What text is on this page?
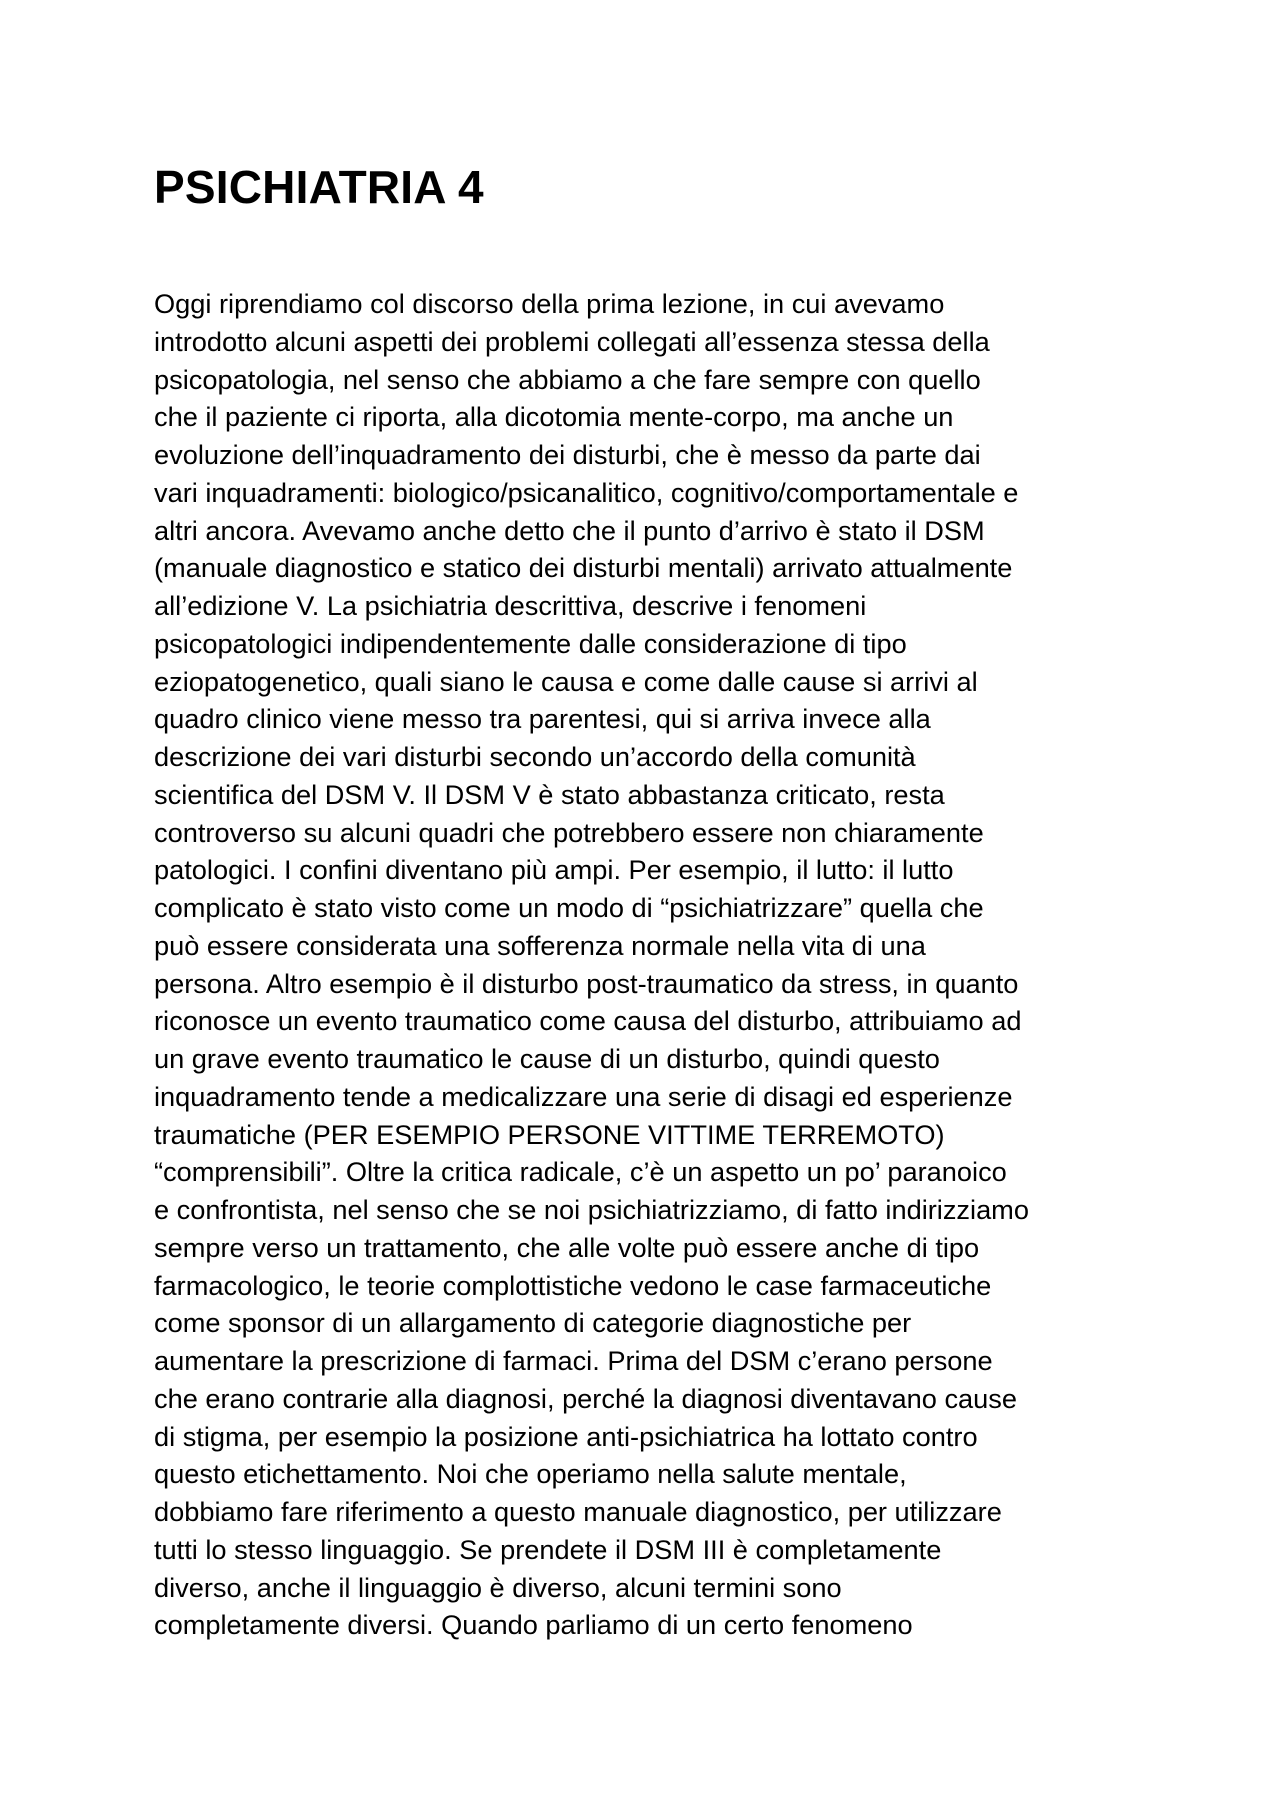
PSICHIATRIA 4
Oggi riprendiamo col discorso della prima lezione, in cui avevamo
introdotto alcuni aspetti dei problemi collegati all’essenza stessa della
psicopatologia, nel senso che abbiamo a che fare sempre con quello
che il paziente ci riporta, alla dicotomia mente-corpo, ma anche un
evoluzione dell’inquadramento dei disturbi, che è messo da parte dai
vari inquadramenti: biologico/psicanalitico, cognitivo/comportamentale e
altri ancora. Avevamo anche detto che il punto d’arrivo è stato il DSM
(manuale diagnostico e statico dei disturbi mentali) arrivato attualmente
all’edizione V. La psichiatria descrittiva, descrive i fenomeni
psicopatologici indipendentemente dalle considerazione di tipo
eziopatogenetico, quali siano le causa e come dalle cause si arrivi al
quadro clinico viene messo tra parentesi, qui si arriva invece alla
descrizione dei vari disturbi secondo un’accordo della comunità
scientifica del DSM V. Il DSM V è stato abbastanza criticato, resta
controverso su alcuni quadri che potrebbero essere non chiaramente
patologici. I confini diventano più ampi. Per esempio, il lutto: il lutto
complicato è stato visto come un modo di “psichiatrizzare” quella che
può essere considerata una sofferenza normale nella vita di una
persona. Altro esempio è il disturbo post-traumatico da stress, in quanto
riconosce un evento traumatico come causa del disturbo, attribuiamo ad
un grave evento traumatico le cause di un disturbo, quindi questo
inquadramento tende a medicalizzare una serie di disagi ed esperienze
traumatiche (PER ESEMPIO PERSONE VITTIME TERREMOTO)
“comprensibili”. Oltre la critica radicale, c’è un aspetto un po’ paranoico
e confrontista, nel senso che se noi psichiatrizziamo, di fatto indirizziamo
sempre verso un trattamento, che alle volte può essere anche di tipo
farmacologico, le teorie complottistiche vedono le case farmaceutiche
come sponsor di un allargamento di categorie diagnostiche per
aumentare la prescrizione di farmaci. Prima del DSM c’erano persone
che erano contrarie alla diagnosi, perché la diagnosi diventavano cause
di stigma, per esempio la posizione anti-psichiatrica ha lottato contro
questo etichettamento. Noi che operiamo nella salute mentale,
dobbiamo fare riferimento a questo manuale diagnostico, per utilizzare
tutti lo stesso linguaggio. Se prendete il DSM III è completamente
diverso, anche il linguaggio è diverso, alcuni termini sono
completamente diversi. Quando parliamo di un certo fenomeno
